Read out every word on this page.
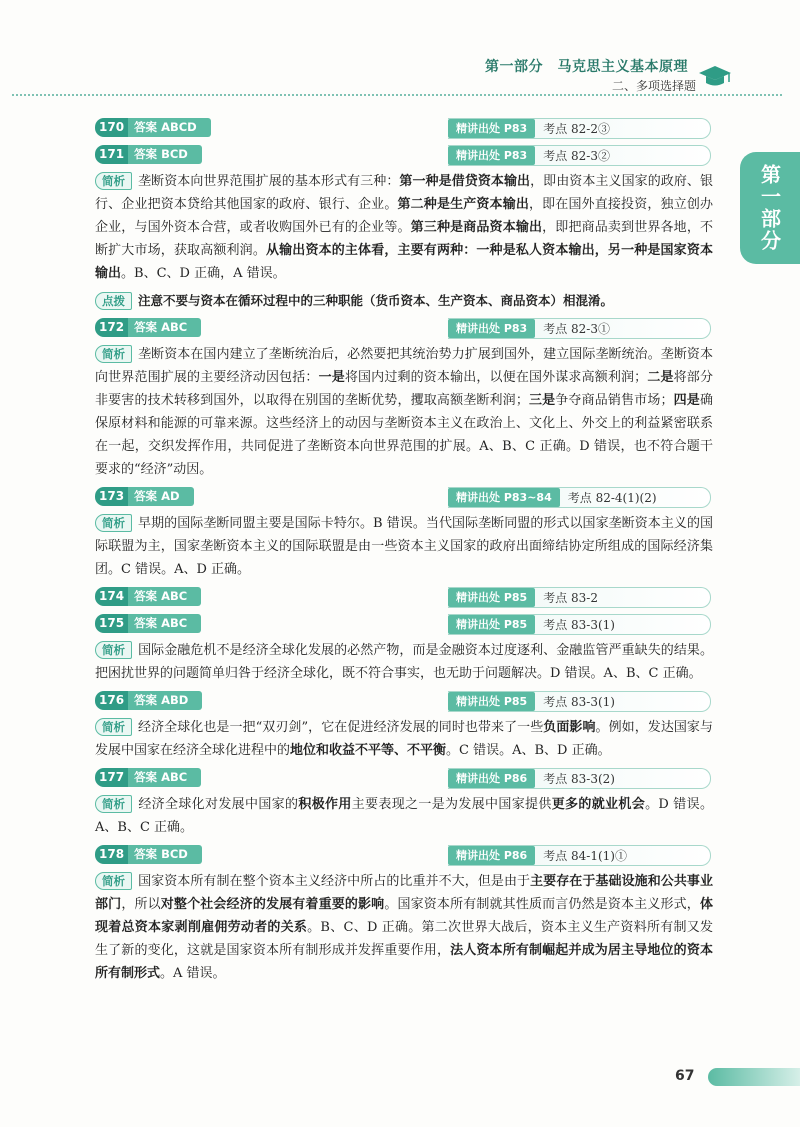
第一部分　马克思主义基本原理
二、多项选择题
第一部分
170 答案 ABCD	精讲出处 P83	考点 82-2③
171 答案 BCD	精讲出处 P83	考点 82-3②
简析 垄断资本向世界范围扩展的基本形式有三种：第一种是借贷资本输出，即由资本主义国家的政府、银行、企业把资本贷给其他国家的政府、银行、企业。第二种是生产资本输出，即在国外直接投资，独立创办企业，与国外资本合营，或者收购国外已有的企业等。第三种是商品资本输出，即把商品卖到世界各地，不断扩大市场，获取高额利润。从输出资本的主体看，主要有两种：一种是私人资本输出，另一种是国家资本输出。B、C、D 正确，A 错误。
点拨 注意不要与资本在循环过程中的三种职能（货币资本、生产资本、商品资本）相混淆。
172 答案 ABC	精讲出处 P83	考点 82-3①
简析 垄断资本在国内建立了垄断统治后，必然要把其统治势力扩展到国外，建立国际垄断统治。垄断资本向世界范围扩展的主要经济动因包括：一是将国内过剩的资本输出，以便在国外谋求高额利润；二是将部分非要害的技术转移到国外，以取得在别国的垄断优势，攫取高额垄断利润；三是争夺商品销售市场；四是确保原材料和能源的可靠来源。这些经济上的动因与垄断资本主义在政治上、文化上、外交上的利益紧密联系在一起，交织发挥作用，共同促进了垄断资本向世界范围的扩展。A、B、C 正确。D 错误，也不符合题干要求的“经济”动因。
173 答案 AD	精讲出处 P83~84	考点 82-4(1)(2)
简析 早期的国际垄断同盟主要是国际卡特尔。B 错误。当代国际垄断同盟的形式以国家垄断资本主义的国际联盟为主，国家垄断资本主义的国际联盟是由一些资本主义国家的政府出面缔结协定所组成的国际经济集团。C 错误。A、D 正确。
174 答案 ABC	精讲出处 P85	考点 83-2
175 答案 ABC	精讲出处 P85	考点 83-3(1)
简析 国际金融危机不是经济全球化发展的必然产物，而是金融资本过度逐利、金融监管严重缺失的结果。把困扰世界的问题简单归咎于经济全球化，既不符合事实，也无助于问题解决。D 错误。A、B、C 正确。
176 答案 ABD	精讲出处 P85	考点 83-3(1)
简析 经济全球化也是一把“双刃剑”，它在促进经济发展的同时也带来了一些负面影响。例如，发达国家与发展中国家在经济全球化进程中的地位和收益不平等、不平衡。C 错误。A、B、D 正确。
177 答案 ABC	精讲出处 P86	考点 83-3(2)
简析 经济全球化对发展中国家的积极作用主要表现之一是为发展中国家提供更多的就业机会。D 错误。A、B、C 正确。
178 答案 BCD	精讲出处 P86	考点 84-1(1)①
简析 国家资本所有制在整个资本主义经济中所占的比重并不大，但是由于主要存在于基础设施和公共事业部门，所以对整个社会经济的发展有着重要的影响。国家资本所有制就其性质而言仍然是资本主义形式，体现着总资本家剥削雇佣劳动者的关系。B、C、D 正确。第二次世界大战后，资本主义生产资料所有制又发生了新的变化，这就是国家资本所有制形成并发挥重要作用，法人资本所有制崛起并成为居主导地位的资本所有制形式。A 错误。
67
